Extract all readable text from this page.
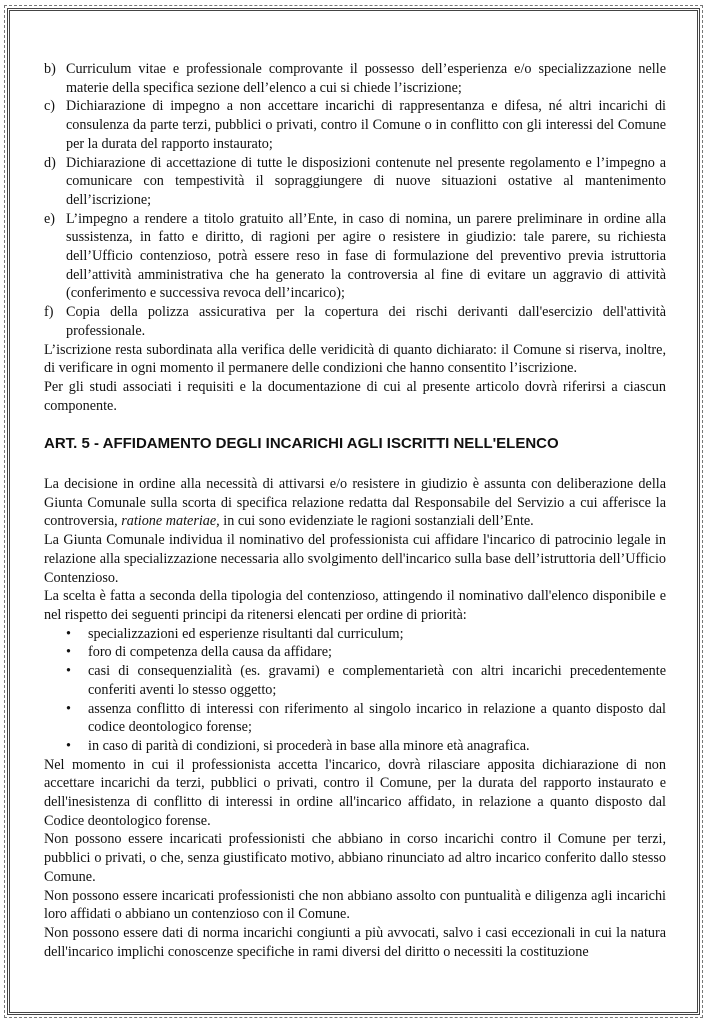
b) Curriculum vitae e professionale comprovante il possesso dell’esperienza e/o specializzazione nelle materie della specifica sezione dell’elenco a cui si chiede l’iscrizione;

c) Dichiarazione di impegno a non accettare incarichi di rappresentanza e difesa, né altri incarichi di consulenza da parte terzi, pubblici o privati, contro il Comune o in conflitto con gli interessi del Comune per la durata del rapporto instaurato;

d) Dichiarazione di accettazione di tutte le disposizioni contenute nel presente regolamento e l’impegno a comunicare con tempestività il sopraggiungere di nuove situazioni ostative al mantenimento dell’iscrizione;

e) L’impegno a rendere a titolo gratuito all’Ente, in caso di nomina, un parere preliminare in ordine alla sussistenza, in fatto e diritto, di ragioni per agire o resistere in giudizio: tale parere, su richiesta dell’Ufficio contenzioso, potrà essere reso in fase di formulazione del preventivo previa istruttoria dell’attività amministrativa che ha generato la controversia al fine di evitare un aggravio di attività (conferimento e successiva revoca dell’incarico);

f) Copia della polizza assicurativa per la copertura dei rischi derivanti dall'esercizio dell'attività professionale.

L’iscrizione resta subordinata alla verifica delle veridicità di quanto dichiarato: il Comune si riserva, inoltre, di verificare in ogni momento il permanere delle condizioni che hanno consentito l’iscrizione.

Per gli studi associati i requisiti e la documentazione di cui al presente articolo dovrà riferirsi a ciascun componente.

ART. 5 - AFFIDAMENTO DEGLI INCARICHI AGLI ISCRITTI NELL'ELENCO

La decisione in ordine alla necessità di attivarsi e/o resistere in giudizio è assunta con deliberazione della Giunta Comunale sulla scorta di specifica relazione redatta dal Responsabile del Servizio a cui afferisce la controversia, ratione materiae, in cui sono evidenziate le ragioni sostanziali dell’Ente.

La Giunta Comunale individua il nominativo del professionista cui affidare l'incarico di patrocinio legale in relazione alla specializzazione necessaria allo svolgimento dell'incarico sulla base dell’istruttoria dell’Ufficio Contenzioso.

La scelta è fatta a seconda della tipologia del contenzioso, attingendo il nominativo dall'elenco disponibile e nel rispetto dei seguenti principi da ritenersi elencati per ordine di priorità:

• specializzazioni ed esperienze risultanti dal curriculum;

• foro di competenza della causa da affidare;

• casi di consequenzialità (es. gravami) e complementarietà con altri incarichi precedentemente conferiti aventi lo stesso oggetto;

• assenza conflitto di interessi con riferimento al singolo incarico in relazione a quanto disposto dal codice deontologico forense;

• in caso di parità di condizioni, si procederà in base alla minore età anagrafica.

Nel momento in cui il professionista accetta l'incarico, dovrà rilasciare apposita dichiarazione di non accettare incarichi da terzi, pubblici o privati, contro il Comune, per la durata del rapporto instaurato e dell'inesistenza di conflitto di interessi in ordine all'incarico affidato, in relazione a quanto disposto dal Codice deontologico forense.

Non possono essere incaricati professionisti che abbiano in corso incarichi contro il Comune per terzi, pubblici o privati, o che, senza giustificato motivo, abbiano rinunciato ad altro incarico conferito dallo stesso Comune.

Non possono essere incaricati professionisti che non abbiano assolto con puntualità e diligenza agli incarichi loro affidati o abbiano un contenzioso con il Comune.

Non possono essere dati di norma incarichi congiunti a più avvocati, salvo i casi eccezionali in cui la natura dell'incarico implichi conoscenze specifiche in rami diversi del diritto o necessiti la costituzione
